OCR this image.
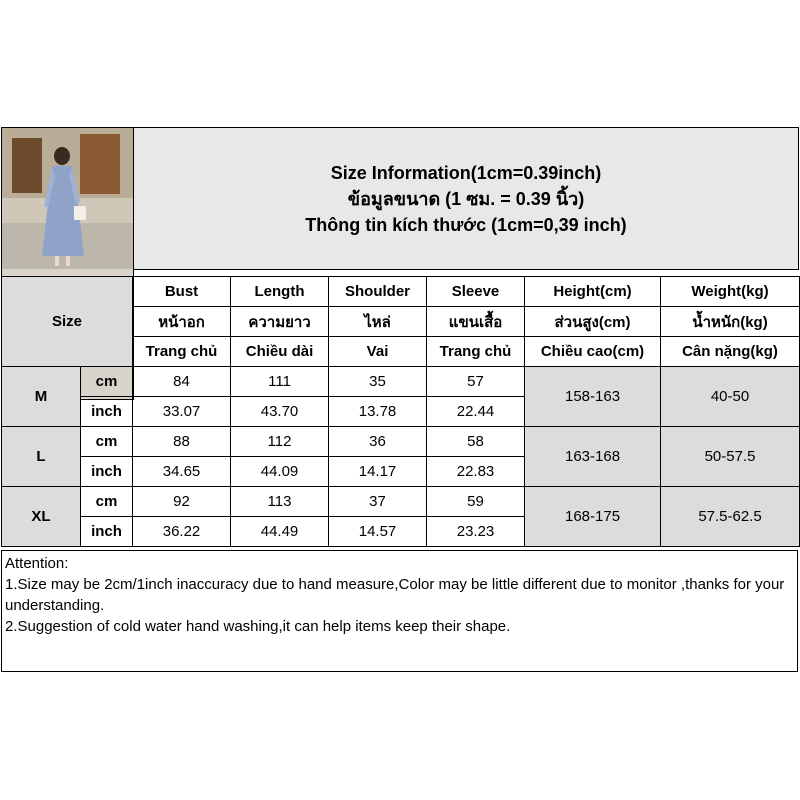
Size Information(1cm=0.39inch)
ข้อมูลขนาด (1 ซม. = 0.39 นิ้ว)
Thông tin kích thước (1cm=0,39 inch)
Size		Bust	Length	Shoulder	Sleeve	Height(cm)	Weight(kg)
		หน้าอก	ความยาว	ไหล่	แขนเสื้อ	ส่วนสูง(cm)	น้ำหนัก(kg)
		Trang chủ	Chiều dài	Vai	Trang chủ	Chiều cao(cm)	Cân nặng(kg)
M	cm	84	111	35	57	158-163	40-50
	inch	33.07	43.70	13.78	22.44		
L	cm	88	112	36	58	163-168	50-57.5
	inch	34.65	44.09	14.17	22.83		
XL	cm	92	113	37	59	168-175	57.5-62.5
	inch	36.22	44.49	14.57	23.23		
Attention:
1.Size may be 2cm/1inch inaccuracy due to hand measure,Color may be little different due to monitor ,thanks for your understanding.
2.Suggestion of cold water hand washing,it can help items keep their shape.
